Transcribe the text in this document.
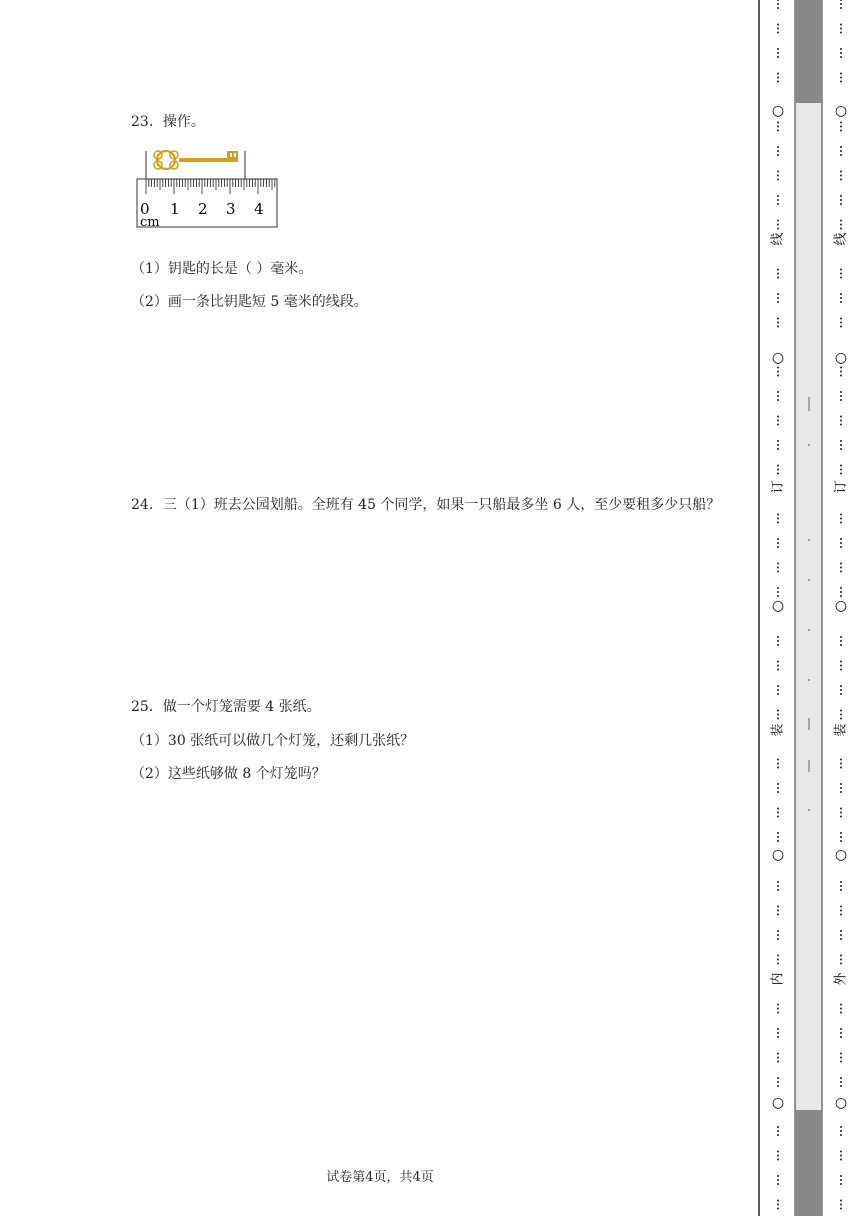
23．操作。
0 1 2 3 4
cm
（1）钥匙的长是（ ）毫米。
（2）画一条比钥匙短 5 毫米的线段。
24．三（1）班去公园划船。全班有 45 个同学，如果一只船最多坐 6 人，至少要租多少只船？
25．做一个灯笼需要 4 张纸。
（1）30 张纸可以做几个灯笼，还剩几张纸？
（2）这些纸够做 8 个灯笼吗？
试卷第4页，共4页
○
○
○
○
○
○
○
○
○
○
线
订
装
内
线
订
装
外
